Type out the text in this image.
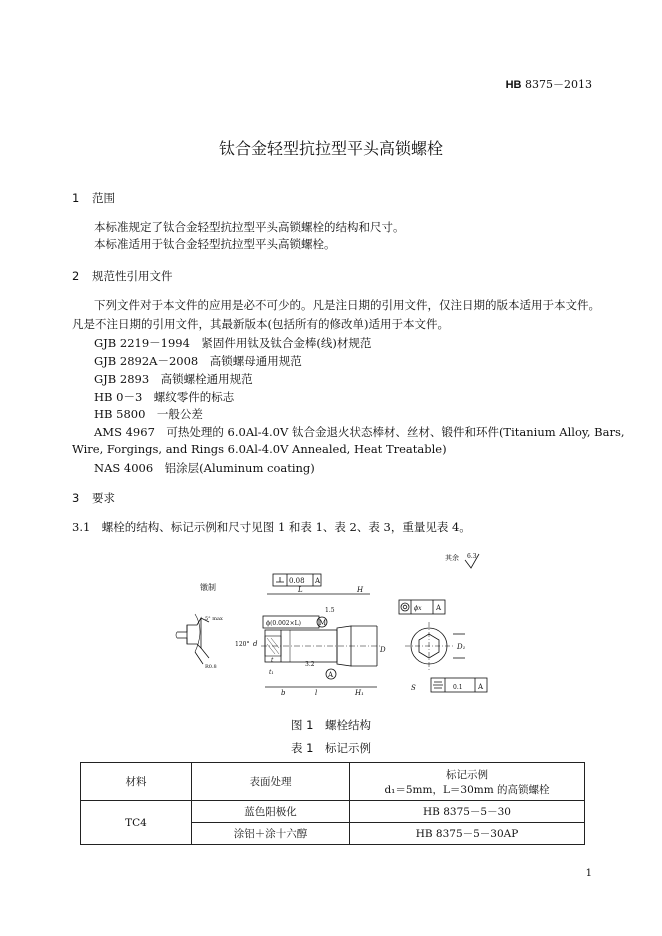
HB 8375－2013
钛合金轻型抗拉型平头高锁螺栓
1 范围
本标准规定了钛合金轻型抗拉型平头高锁螺栓的结构和尺寸。
本标准适用于钛合金轻型抗拉型平头高锁螺栓。
2 规范性引用文件
下列文件对于本文件的应用是必不可少的。凡是注日期的引用文件，仅注日期的版本适用于本文件。
凡是不注日期的引用文件，其最新版本(包括所有的修改单)适用于本文件。
GJB 2219－1994　紧固件用钛及钛合金棒(线)材规范
GJB 2892A－2008　高锁螺母通用规范
GJB 2893　高锁螺栓通用规范
HB 0－3　螺纹零件的标志
HB 5800　一般公差
AMS 4967　可热处理的 6.0Al-4.0V 钛合金退火状态棒材、丝材、锻件和环件(Titanium Alloy, Bars,
Wire, Forgings, and Rings 6.0Al-4.0V Annealed, Heat Treatable)
NAS 4006　铝涂层(Aluminum coating)
3 要求
3.1　螺栓的结构、标记示例和尺寸见图 1 和表 1、表 2、表 3，重量见表 4。
其余 6.3
镦制
5° max
R0.8
0.08 A
L	H
ϕ(0.002×L)	M
1.5
120° d
D
t
t₁
3.2
A
b	l	H₁
ϕx A
D₁
S	0.1 A
图 1　螺栓结构
表 1　标记示例
材料	表面处理	标记示例
d₁＝5mm，L＝30mm 的高锁螺栓

TC4	蓝色阳极化	HB 8375－5－30
	涂铝＋涂十六醇	HB 8375－5－30AP
1
